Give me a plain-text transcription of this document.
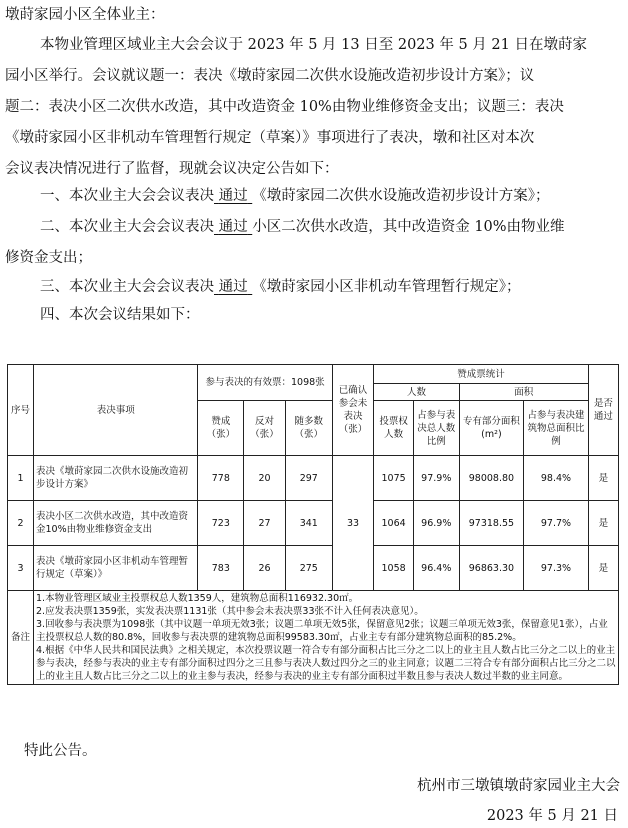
墩莳家园小区全体业主：
本物业管理区域业主大会会议于 2023 年 5 月 13 日至 2023 年 5 月 21 日在墩莳家
园小区举行。会议就议题一：表决《墩莳家园二次供水设施改造初步设计方案》；议
题二：表决小区二次供水改造，其中改造资金 10%由物业维修资金支出；议题三：表决
《墩莳家园小区非机动车管理暂行规定（草案）》事项进行了表决，墩和社区对本次
会议表决情况进行了监督，现就会议决定公告如下：
一、本次业主大会会议表决 通过 《墩莳家园二次供水设施改造初步设计方案》；
二、本次业主大会会议表决 通过 小区二次供水改造，其中改造资金 10%由物业维
修资金支出；
三、本次业主大会会议表决 通过 《墩莳家园小区非机动车管理暂行规定》；
四、本次会议结果如下：
序号	表决事项	参与表决的有效票：1098张			已确认参会未表决（张）	赞成票统计				是否通过
						人数		面积		
		赞成（张）	反对（张）	随多数（张）		投票权人数	占参与表决总人数比例	专有部分面积(m²)	占参与表决建筑物总面积比例	
1	表决《墩莳家园二次供水设施改造初步设计方案》	778	20	297	33	1075	97.9%	98008.80	98.4%	是
2	表决小区二次供水改造，其中改造资金10%由物业维修资金支出	723	27	341		1064	96.9%	97318.55	97.7%	是
3	表决《墩莳家园小区非机动车管理暂行规定（草案）》	783	26	275		1058	96.4%	96863.30	97.3%	是
备注	1.本物业管理区域业主投票权总人数1359人，建筑物总面积116932.30㎡。

2.应发表决票1359张，实发表决票1131张（其中参会未表决票33张不计入任何表决意见）。

3.回收参与表决票为1098张（其中议题一单项无效3张；议题二单项无效5张，保留意见2张；议题三单项无效3张，保留意见1张），占业主投票权总人数的80.8%，回收参与表决票的建筑物总面积99583.30㎡，占业主专有部分建筑物总面积的85.2%。

4.根据《中华人民共和国民法典》之相关规定，本次投票议题一符合专有部分面积占比三分之二以上的业主且人数占比三分之二以上的业主参与表决，经参与表决的业主专有部分面积过四分之三且参与表决人数过四分之三的业主同意；议题二三符合专有部分面积占比三分之二以上的业主且人数占比三分之二以上的业主参与表决，经参与表决的业主专有部分面积过半数且参与表决人数过半数的业主同意。									

特此公告。
杭州市三墩镇墩莳家园业主大会
2023 年 5 月 21 日
